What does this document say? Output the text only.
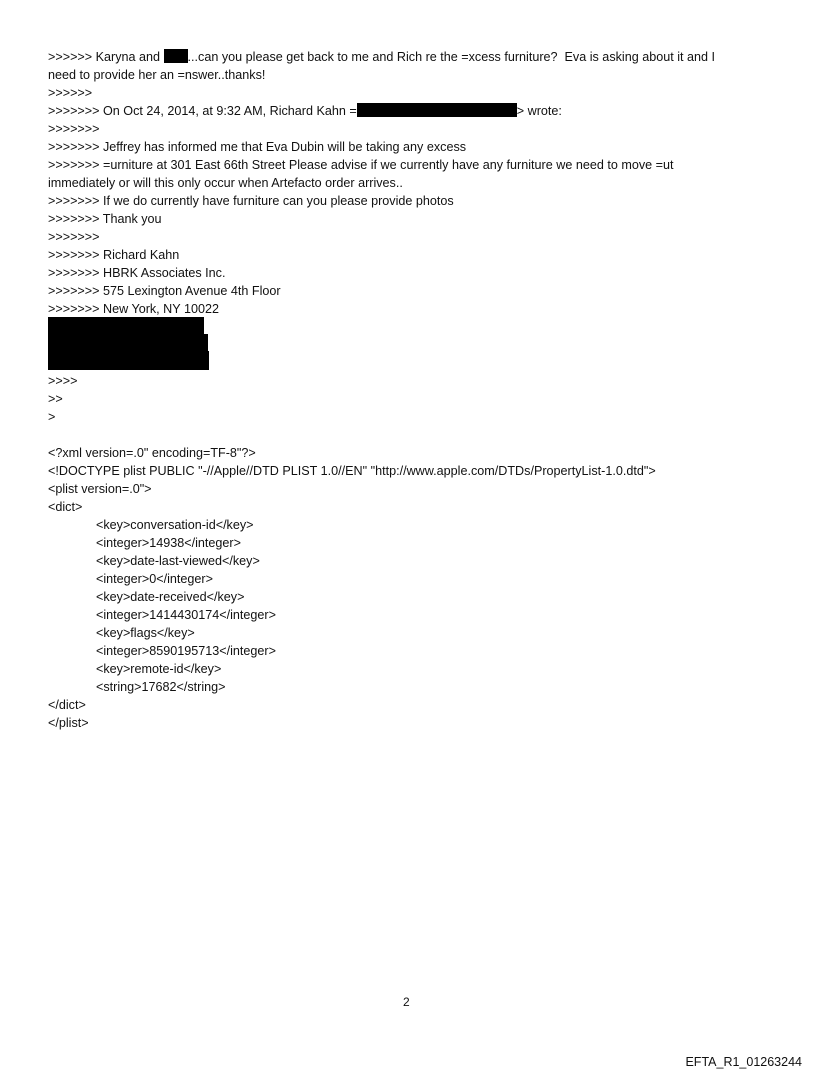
>>>>>> Karyna and ...can you please get back to me and Rich re the =xcess furniture?  Eva is asking about it and I
need to provide her an =nswer..thanks!
>>>>>>
>>>>>>> On Oct 24, 2014, at 9:32 AM, Richard Kahn =	> wrote:
>>>>>>>
>>>>>>> Jeffrey has informed me that Eva Dubin will be taking any excess
>>>>>>> =urniture at 301 East 66th Street Please advise if we currently have any furniture we need to move =ut
immediately or will this only occur when Artefacto order arrives..
>>>>>>> If we do currently have furniture can you please provide photos
>>>>>>> Thank you
>>>>>>>
>>>>>>> Richard Kahn
>>>>>>> HBRK Associates Inc.
>>>>>>> 575 Lexington Avenue 4th Floor
>>>>>>> New York, NY 10022
>>>>
>>
>
<?xml version=.0" encoding=TF-8"?>
<!DOCTYPE plist PUBLIC "-//Apple//DTD PLIST 1.0//EN" "http://www.apple.com/DTDs/PropertyList-1.0.dtd">
<plist version=.0">
<dict>
<key>conversation-id</key>
<integer>14938</integer>
<key>date-last-viewed</key>
<integer>0</integer>
<key>date-received</key>
<integer>1414430174</integer>
<key>flags</key>
<integer>8590195713</integer>
<key>remote-id</key>
<string>17682</string>
</dict>
</plist>
2
EFTA_R1_01263244
